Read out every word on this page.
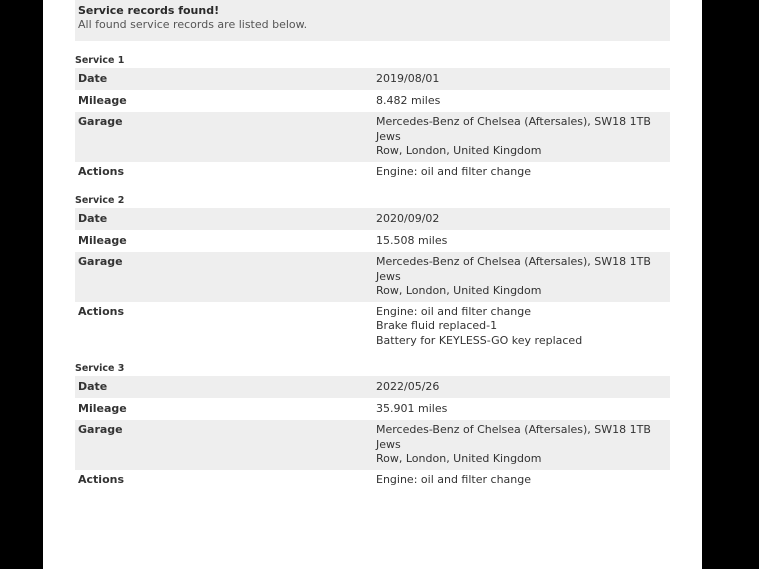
Service records found!
All found service records are listed below.
Service 1
Date	2019/08/01
Mileage	8.482 miles
Garage	Mercedes-Benz of Chelsea (Aftersales), SW18 1TB Jews
Row, London, United Kingdom
Actions	Engine: oil and filter change
Service 2
Date	2020/09/02
Mileage	15.508 miles
Garage	Mercedes-Benz of Chelsea (Aftersales), SW18 1TB Jews
Row, London, United Kingdom
Actions	Engine: oil and filter change
Brake fluid replaced-1
Battery for KEYLESS-GO key replaced
Service 3
Date	2022/05/26
Mileage	35.901 miles
Garage	Mercedes-Benz of Chelsea (Aftersales), SW18 1TB Jews
Row, London, United Kingdom
Actions	Engine: oil and filter change
